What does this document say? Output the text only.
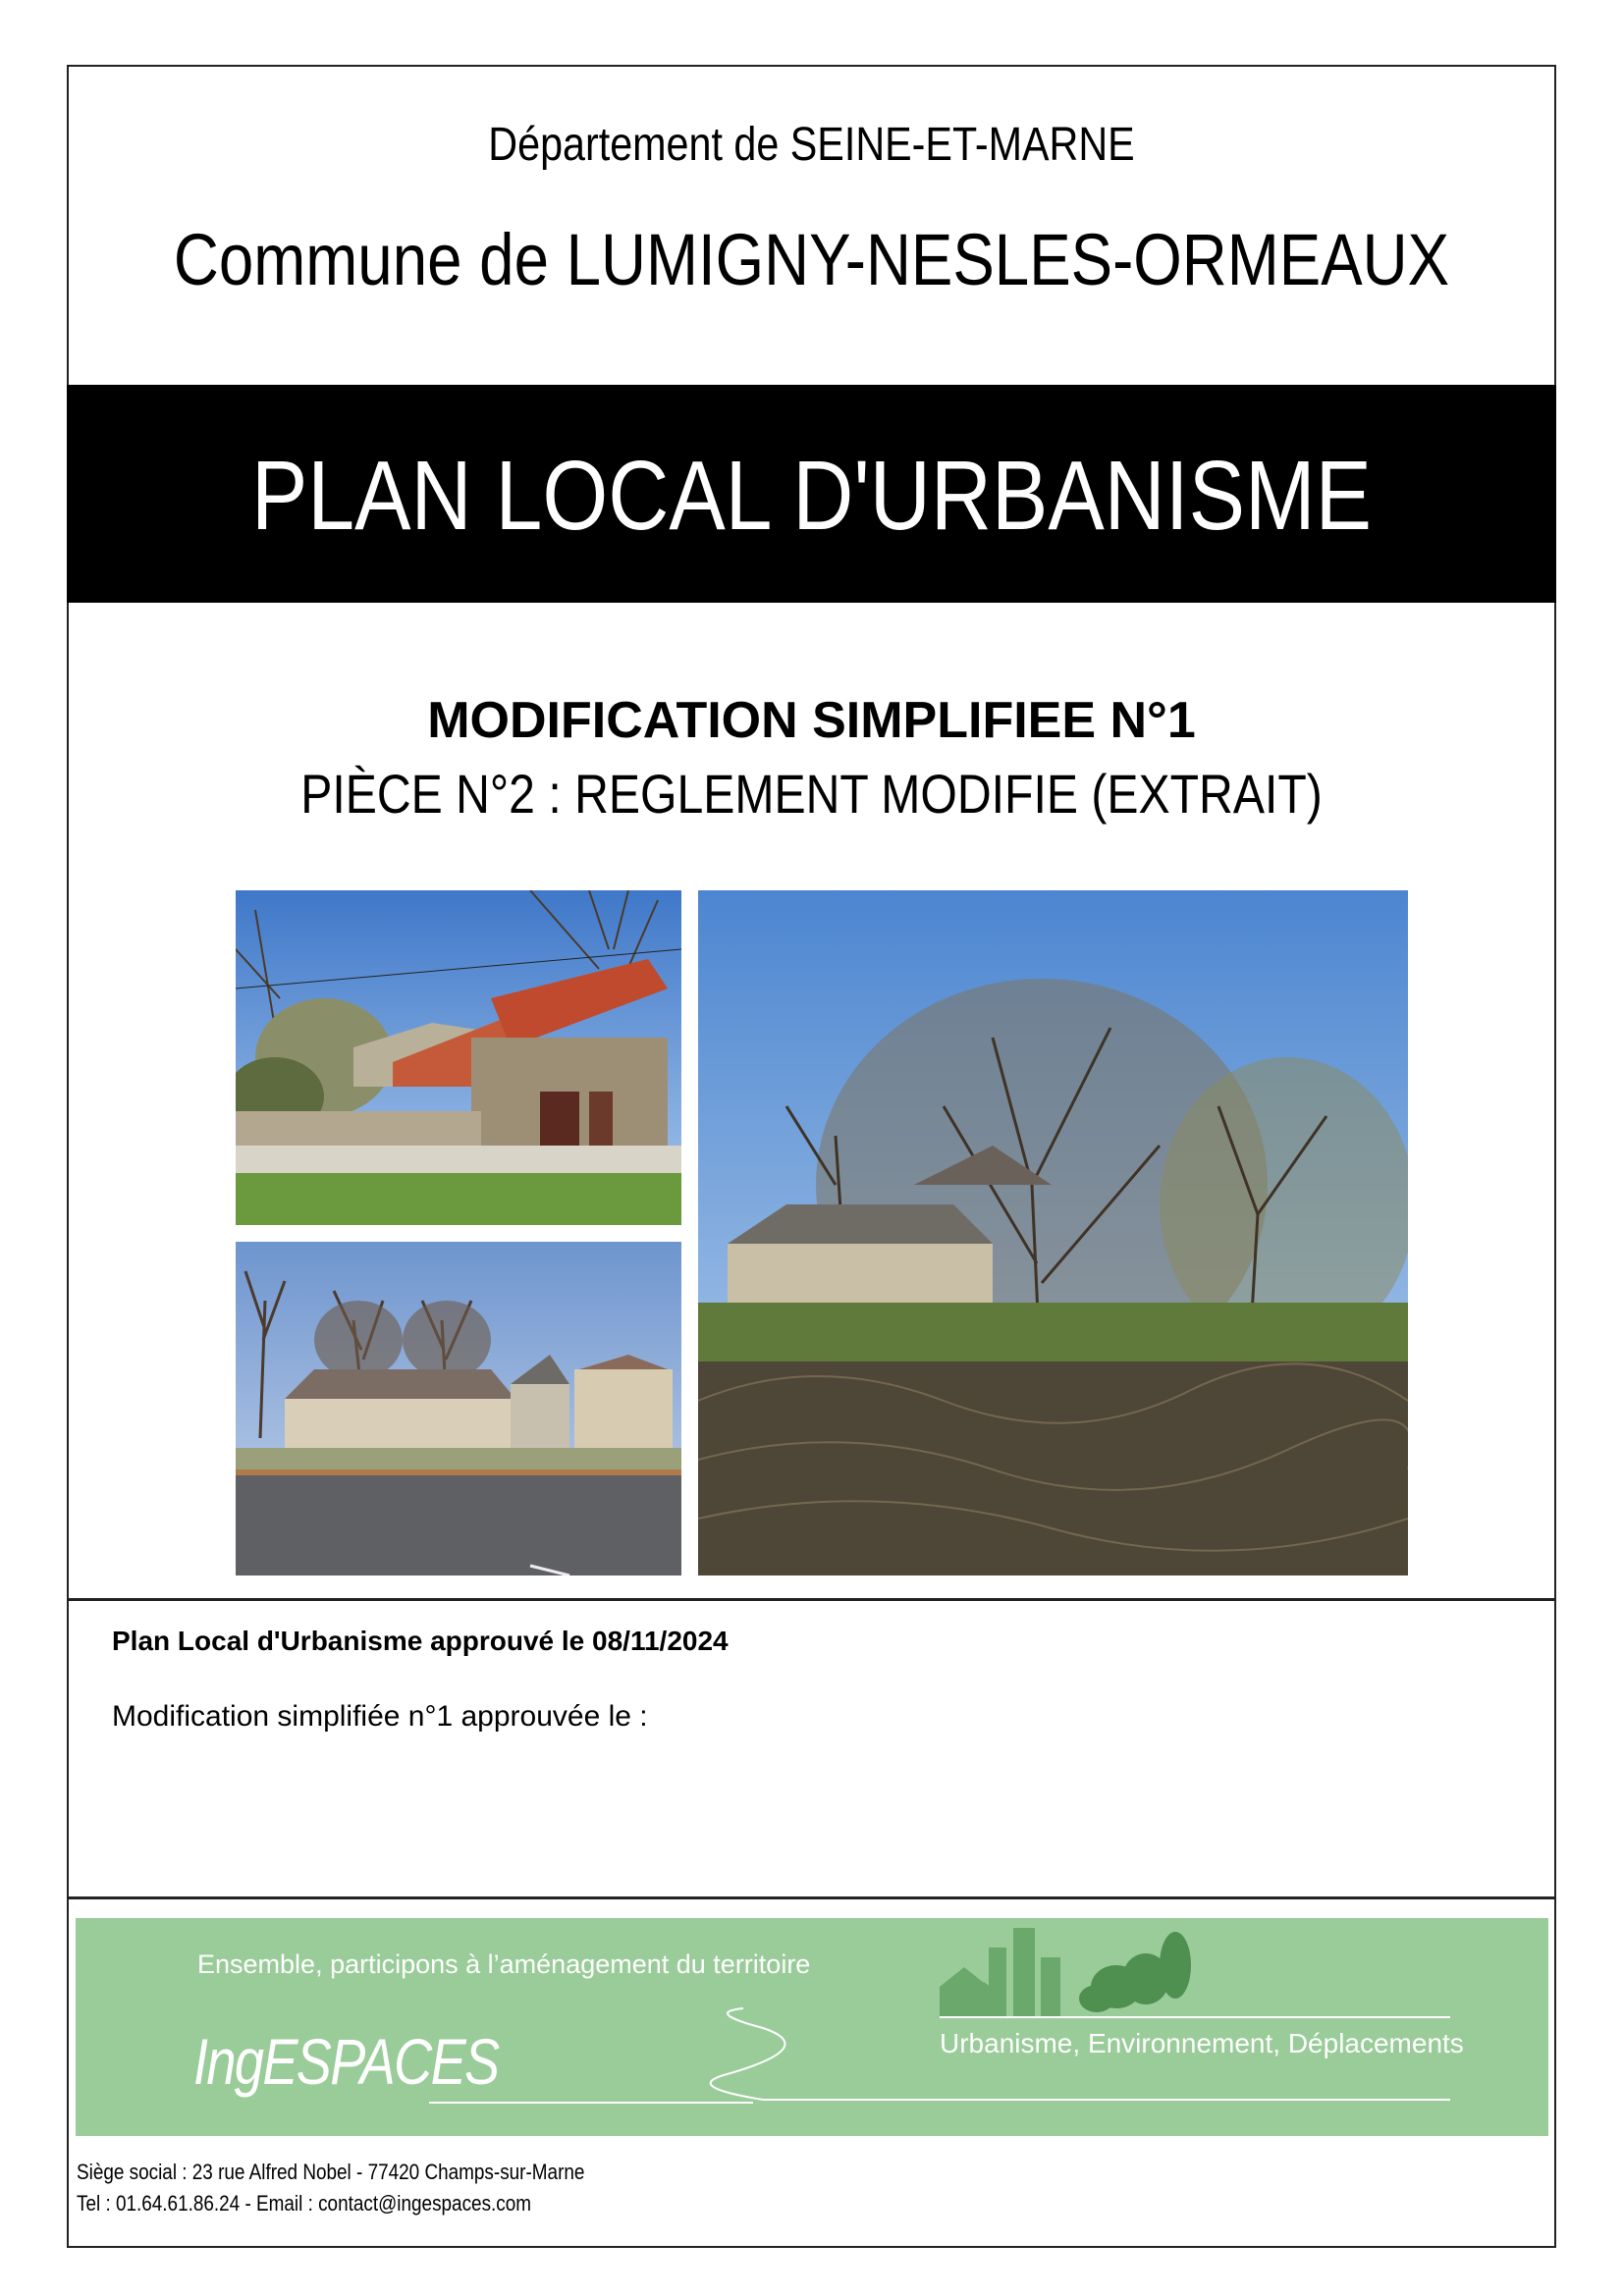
Département de SEINE-ET-MARNE
Commune de LUMIGNY-NESLES-ORMEAUX
PLAN LOCAL D'URBANISME
MODIFICATION SIMPLIFIEE N°1
PIÈCE N°2 : REGLEMENT MODIFIE (EXTRAIT)
Plan Local d'Urbanisme approuvé le 08/11/2024
Modification simplifiée n°1 approuvée le :
Ensemble, participons à l’aménagement du territoire
IngESPACES	Urbanisme, Environnement, Déplacements
Siège social : 23 rue Alfred Nobel - 77420 Champs-sur-Marne
Tel : 01.64.61.86.24 - Email : contact@ingespaces.com
